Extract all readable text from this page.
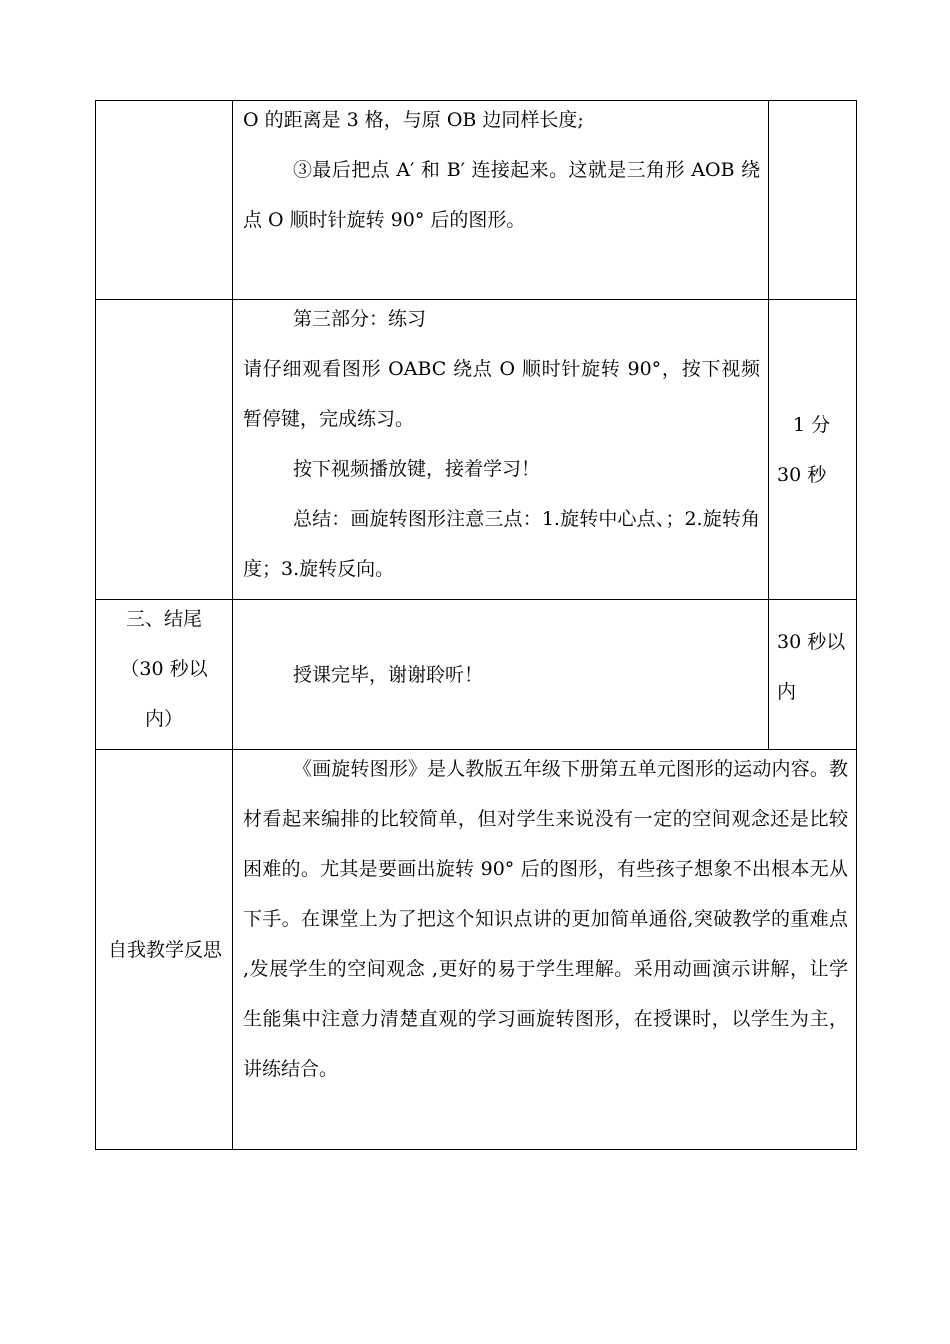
	O 的距离是 3 格，与原 OB 边同样长度;
③最后把点 A′ 和 B′ 连接起来。这就是三角形 AOB 绕点 O 顺时针旋转 90° 后的图形。	

	第三部分：练习
请仔细观看图形 OABC 绕点 O 顺时针旋转 90°，按下视频暂停键，完成练习。
按下视频播放键，接着学习！
总结：画旋转图形注意三点：1.旋转中心点、；2.旋转角度；3.旋转反向。	1 分 30 秒

三、结尾（30 秒以内）	授课完毕，谢谢聆听！	30 秒以内

自我教学反思	《画旋转图形》是人教版五年级下册第五单元图形的运动内容。教材看起来编排的比较简单，但对学生来说没有一定的空间观念还是比较困难的。尤其是要画出旋转 90° 后的图形，有些孩子想象不出根本无从下手。在课堂上为了把这个知识点讲的更加简单通俗,突破教学的重难点 ,发展学生的空间观念 ,更好的易于学生理解。采用动画演示讲解，让学生能集中注意力清楚直观的学习画旋转图形，在授课时，以学生为主，讲练结合。	
